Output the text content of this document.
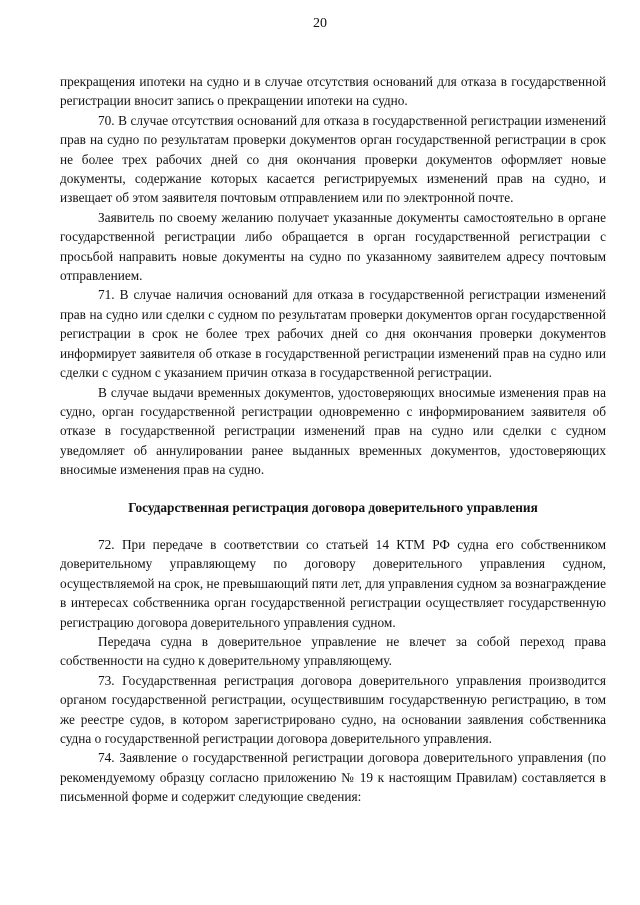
20

прекращения ипотеки на судно и в случае отсутствия оснований для отказа в государственной регистрации вносит запись о прекращении ипотеки на судно.

70. В случае отсутствия оснований для отказа в государственной регистрации изменений прав на судно по результатам проверки документов орган государственной регистрации в срок не более трех рабочих дней со дня окончания проверки документов оформляет новые документы, содержание которых касается регистрируемых изменений прав на судно, и извещает об этом заявителя почтовым отправлением или по электронной почте.

Заявитель по своему желанию получает указанные документы самостоятельно в органе государственной регистрации либо обращается в орган государственной регистрации с просьбой направить новые документы на судно по указанному заявителем адресу почтовым отправлением.

71. В случае наличия оснований для отказа в государственной регистрации изменений прав на судно или сделки с судном по результатам проверки документов орган государственной регистрации в срок не более трех рабочих дней со дня окончания проверки документов информирует заявителя об отказе в государственной регистрации изменений прав на судно или сделки с судном с указанием причин отказа в государственной регистрации.

В случае выдачи временных документов, удостоверяющих вносимые изменения прав на судно, орган государственной регистрации одновременно с информированием заявителя об отказе в государственной регистрации изменений прав на судно или сделки с судном уведомляет об аннулировании ранее выданных временных документов, удостоверяющих вносимые изменения прав на судно.

Государственная регистрация договора доверительного управления

72. При передаче в соответствии со статьей 14 КТМ РФ судна его собственником доверительному управляющему по договору доверительного управления судном, осуществляемой на срок, не превышающий пяти лет, для управления судном за вознаграждение в интересах собственника орган государственной регистрации осуществляет государственную регистрацию договора доверительного управления судном.

Передача судна в доверительное управление не влечет за собой переход права собственности на судно к доверительному управляющему.

73. Государственная регистрация договора доверительного управления производится органом государственной регистрации, осуществившим государственную регистрацию, в том же реестре судов, в котором зарегистрировано судно, на основании заявления собственника судна о государственной регистрации договора доверительного управления.

74. Заявление о государственной регистрации договора доверительного управления (по рекомендуемому образцу согласно приложению № 19 к настоящим Правилам) составляется в письменной форме и содержит следующие сведения:
